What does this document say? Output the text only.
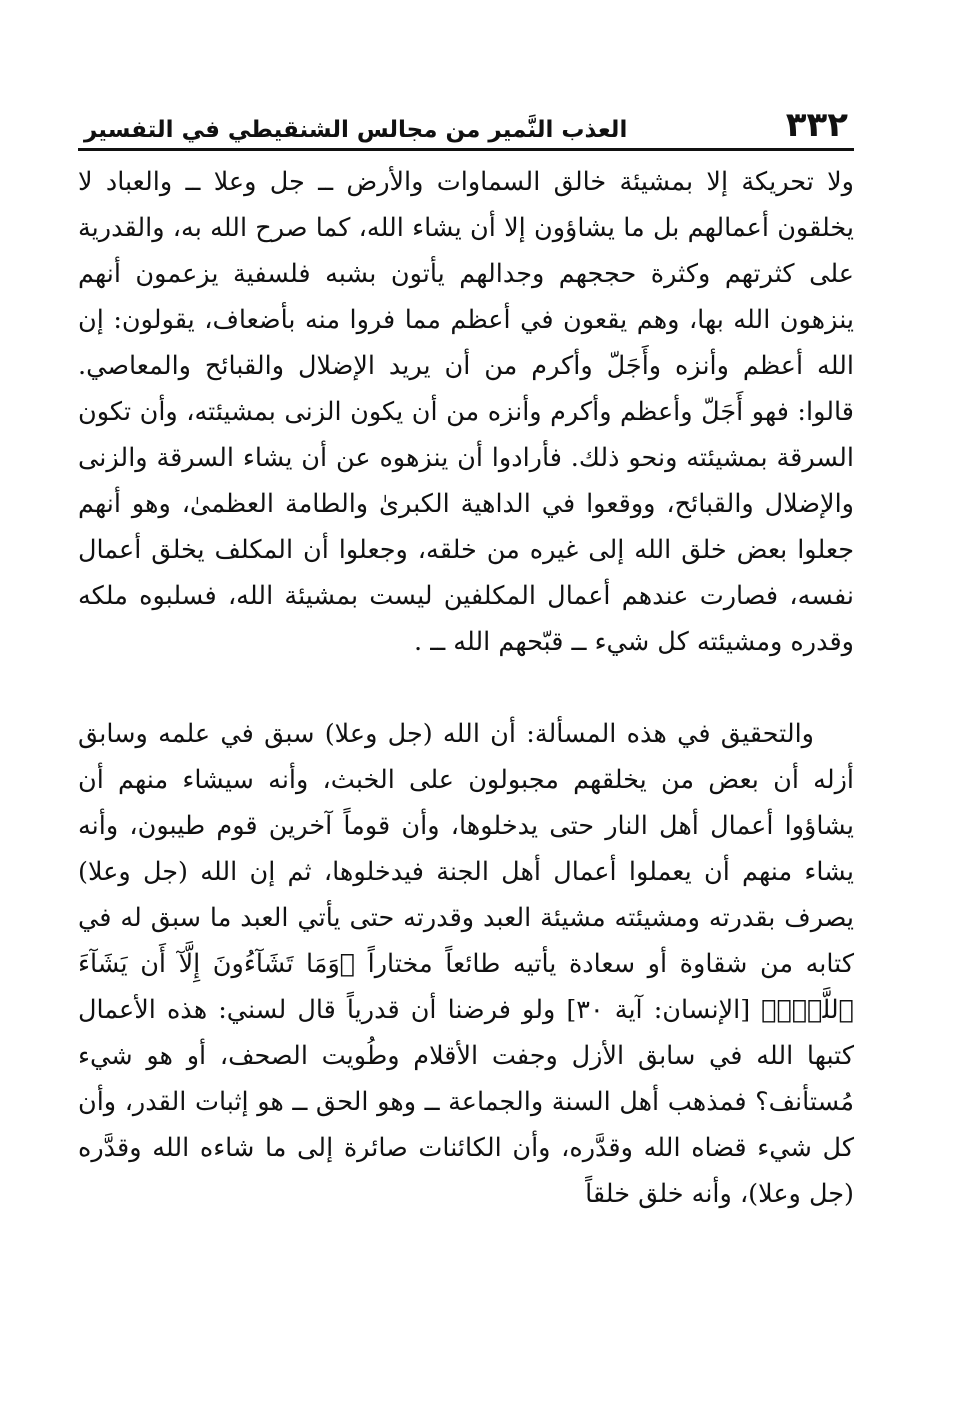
٣٣٢
العذب النَّمير من مجالس الشنقيطي في التفسير

ولا تحريكة إلا بمشيئة خالق السماوات والأرض ــ جل وعلا ــ والعباد لا يخلقون أعمالهم بل ما يشاؤون إلا أن يشاء الله، كما صرح الله به، والقدرية على كثرتهم وكثرة حججهم وجدالهم يأتون بشبه فلسفية يزعمون أنهم ينزهون الله بها، وهم يقعون في أعظم مما فروا منه بأضعاف، يقولون: إن الله أعظم وأنزه وأَجَلّ وأكرم من أن يريد الإضلال والقبائح والمعاصي. قالوا: فهو أَجَلّ وأعظم وأكرم وأنزه من أن يكون الزنى بمشيئته، وأن تكون السرقة بمشيئته ونحو ذلك. فأرادوا أن ينزهوه عن أن يشاء السرقة والزنى والإضلال والقبائح، ووقعوا في الداهية الكبرىٰ والطامة العظمىٰ، وهو أنهم جعلوا بعض خلق الله إلى غيره من خلقه، وجعلوا أن المكلف يخلق أعمال نفسه، فصارت عندهم أعمال المكلفين ليست بمشيئة الله، فسلبوه ملكه وقدره ومشيئته كل شيء ــ قبّحهم الله ــ .

والتحقيق في هذه المسألة: أن الله (جل وعلا) سبق في علمه وسابق أزله أن بعض من يخلقهم مجبولون على الخبث، وأنه سيشاء منهم أن يشاؤوا أعمال أهل النار حتى يدخلوها، وأن قوماً آخرين قوم طيبون، وأنه يشاء منهم أن يعملوا أعمال أهل الجنة فيدخلوها، ثم إن الله (جل وعلا) يصرف بقدرته ومشيئته مشيئة العبد وقدرته حتى يأتي العبد ما سبق له في كتابه من شقاوة أو سعادة يأتيه طائعاً مختاراً ﴿وَمَا تَشَآءُونَ إِلَّآ أَن يَشَآءَ ٱللَّهُۚ﴾ [الإنسان: آية ٣٠] ولو فرضنا أن قدرياً قال لسني: هذه الأعمال كتبها الله في سابق الأزل وجفت الأقلام وطُويت الصحف، أو هو شيء مُستأنف؟ فمذهب أهل السنة والجماعة ــ وهو الحق ــ هو إثبات القدر، وأن كل شيء قضاه الله وقدَّره، وأن الكائنات صائرة إلى ما شاءه الله وقدَّره (جل وعلا)، وأنه خلق خلقاً
